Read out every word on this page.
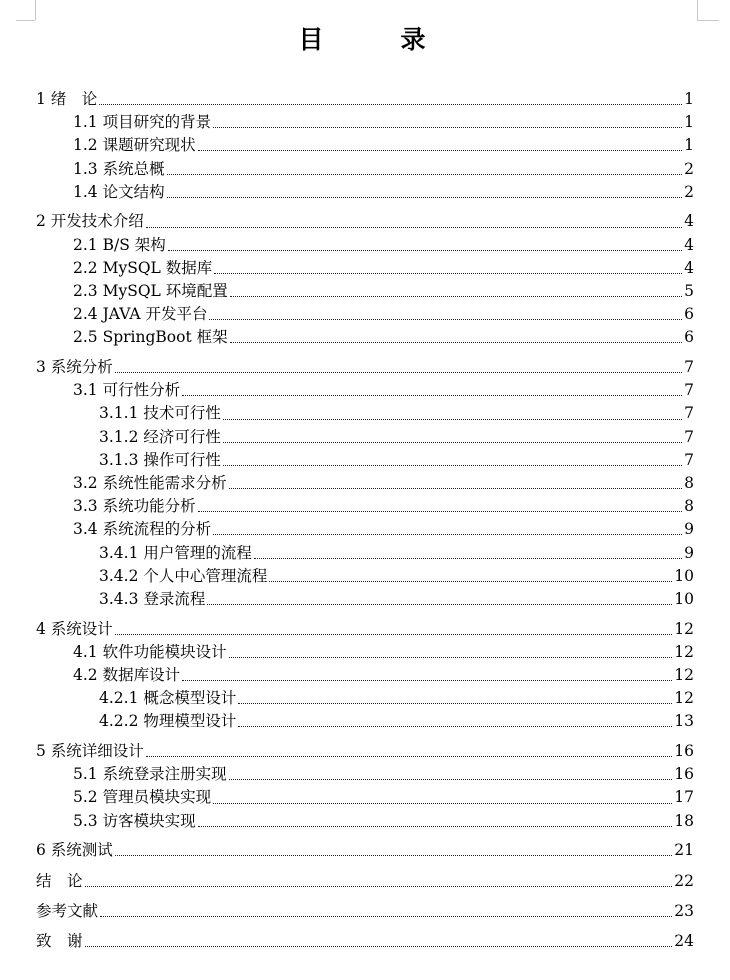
目　录
1 绪　论	1
1.1 项目研究的背景	1
1.2 课题研究现状	1
1.3 系统总概	2
1.4 论文结构	2
2 开发技术介绍	4
2.1 B/S 架构	4
2.2 MySQL 数据库	4
2.3 MySQL 环境配置	5
2.4 JAVA 开发平台	6
2.5 SpringBoot 框架	6
3 系统分析	7
3.1 可行性分析	7
3.1.1 技术可行性	7
3.1.2 经济可行性	7
3.1.3 操作可行性	7
3.2 系统性能需求分析	8
3.3 系统功能分析	8
3.4 系统流程的分析	9
3.4.1 用户管理的流程	9
3.4.2 个人中心管理流程	10
3.4.3 登录流程	10
4 系统设计	12
4.1 软件功能模块设计	12
4.2 数据库设计	12
4.2.1 概念模型设计	12
4.2.2 物理模型设计	13
5 系统详细设计	16
5.1 系统登录注册实现	16
5.2 管理员模块实现	17
5.3 访客模块实现	18
6 系统测试	21
结　论	22
参考文献	23
致　谢	24
